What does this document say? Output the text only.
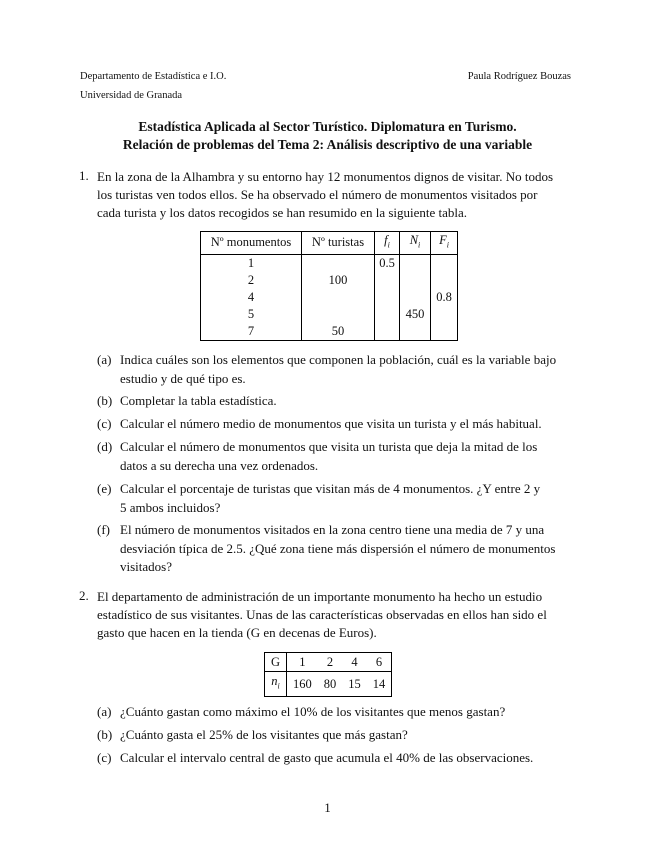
Departamento de Estadística e I.O.
Universidad de Granada
Paula Rodríguez Bouzas
Estadística Aplicada al Sector Turístico. Diplomatura en Turismo.
Relación de problemas del Tema 2: Análisis descriptivo de una variable
1. En la zona de la Alhambra y su entorno hay 12 monumentos dignos de visitar. No todos
los turistas ven todos ellos. Se ha observado el número de monumentos visitados por
cada turista y los datos recogidos se han resumido en la siguiente tabla.
Nº monumentos	Nº turistas	$f_i$	$N_i$	$F_i$
1		0.5		
2	100			
4				0.8
5			450	
7	50			
(a) Indica cuáles son los elementos que componen la población, cuál es la variable bajo
estudio y de qué tipo es.
(b) Completar la tabla estadística.
(c) Calcular el número medio de monumentos que visita un turista y el más habitual.
(d) Calcular el número de monumentos que visita un turista que deja la mitad de los
datos a su derecha una vez ordenados.
(e) Calcular el porcentaje de turistas que visitan más de 4 monumentos. ¿Y entre 2 y
5 ambos incluidos?
(f) El número de monumentos visitados en la zona centro tiene una media de 7 y una
desviación típica de 2.5. ¿Qué zona tiene más dispersión el número de monumentos
visitados?
2. El departamento de administración de un importante monumento ha hecho un estudio
estadístico de sus visitantes. Unas de las características observadas en ellos han sido el
gasto que hacen en la tienda (G en decenas de Euros).
G	1	2	4	6
$n_i$	160	80	15	14
(a) ¿Cuánto gastan como máximo el 10% de los visitantes que menos gastan?
(b) ¿Cuánto gasta el 25% de los visitantes que más gastan?
(c) Calcular el intervalo central de gasto que acumula el 40% de las observaciones.
1
